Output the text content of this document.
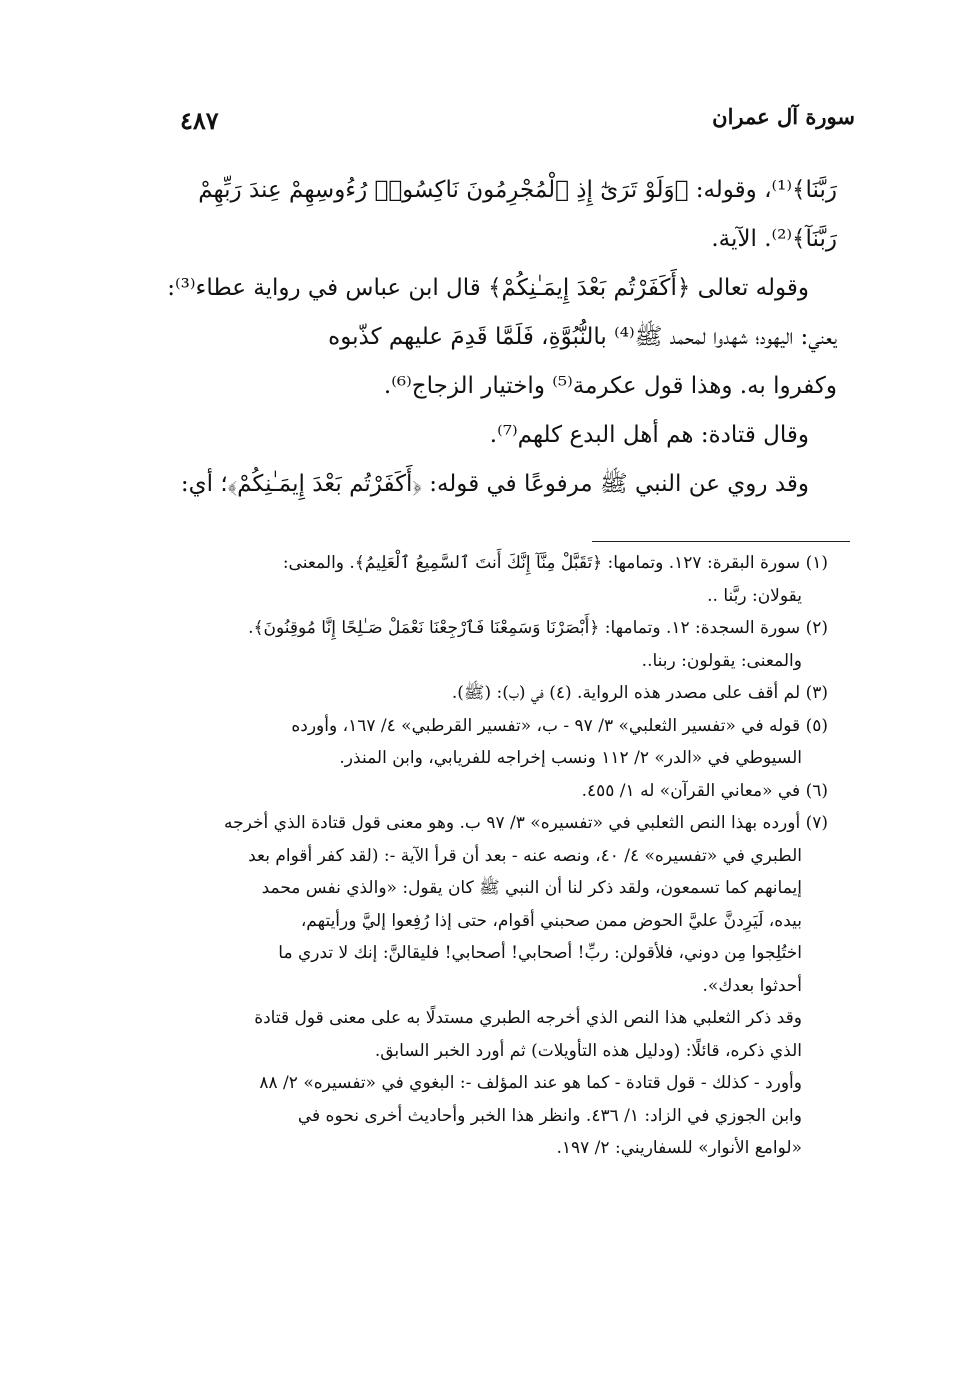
سورة آل عمران
٤٨٧

رَبَّنَا﴾⁽¹⁾، وقوله: ﴿وَلَوْ تَرَىٰٓ إِذِ ٱلْمُجْرِمُونَ نَاكِسُوا۟ رُءُوسِهِمْ عِندَ رَبِّهِمْ

رَبَّنَآ﴾⁽²⁾. الآية.

وقوله تعالى ﴿أَكَفَرْتُم بَعْدَ إِيمَـٰنِكُمْ﴾ قال ابن عباس في رواية عطاء⁽³⁾:

يعني: اليهود؛ شهدوا لمحمد ﷺ⁽⁴⁾ بالنُّبُوَّةِ، فَلَمَّا قَدِمَ عليهم كذّبوه

وكفروا به. وهذا قول عكرمة⁽⁵⁾ واختيار الزجاج⁽⁶⁾.

وقال قتادة: هم أهل البدع كلهم⁽⁷⁾.

وقد روي عن النبي ﷺ مرفوعًا في قوله: ﴿أَكَفَرْتُم بَعْدَ إِيمَـٰنِكُمْ﴾؛ أي:

(١) سورة البقرة: ١٢٧. وتمامها: ﴿تَقَبَّلْ مِنَّآ إِنَّكَ أَنتَ ٱلسَّمِيعُ ٱلْعَلِيمُ﴾. والمعنى:

يقولان: ربَّنا ..

(٢) سورة السجدة: ١٢. وتمامها: ﴿أَبْصَرْنَا وَسَمِعْنَا فَٱرْجِعْنَا نَعْمَلْ صَـٰلِحًا إِنَّا مُوقِنُونَ﴾.

والمعنى: يقولون: ربنا..

(٣) لم أقف على مصدر هذه الرواية. (٤) في (ب): (ﷺ).

(٥) قوله في «تفسير الثعلبي» ٣/ ٩٧ - ب، «تفسير القرطبي» ٤/ ١٦٧، وأورده

السيوطي في «الدر» ٢/ ١١٢ ونسب إخراجه للفريابي، وابن المنذر.

(٦) في «معاني القرآن» له ١/ ٤٥٥.

(٧) أورده بهذا النص الثعلبي في «تفسيره» ٣/ ٩٧ ب. وهو معنى قول قتادة الذي أخرجه

الطبري في «تفسيره» ٤/ ٤٠، ونصه عنه - بعد أن قرأ الآية -: (لقد كفر أقوام بعد

إيمانهم كما تسمعون، ولقد ذكر لنا أن النبي ﷺ كان يقول: «والذي نفس محمد

بيده، لَيَرِدنَّ عليَّ الحوض ممن صحبني أقوام، حتى إذا رُفِعوا إليَّ ورأيتهم،

اختُلِجوا مِن دوني، فلأقولن: ربِّ! أصحابي! أصحابي! فليقالنَّ: إنك لا تدري ما

أحدثوا بعدك».

وقد ذكر الثعلبي هذا النص الذي أخرجه الطبري مستدلًا به على معنى قول قتادة

الذي ذكره، قائلًا: (ودليل هذه التأويلات) ثم أورد الخبر السابق.

وأورد - كذلك - قول قتادة - كما هو عند المؤلف -: البغوي في «تفسيره» ٢/ ٨٨

وابن الجوزي في الزاد: ١/ ٤٣٦. وانظر هذا الخبر وأحاديث أخرى نحوه في

«لوامع الأنوار» للسفاريني: ٢/ ١٩٧.
